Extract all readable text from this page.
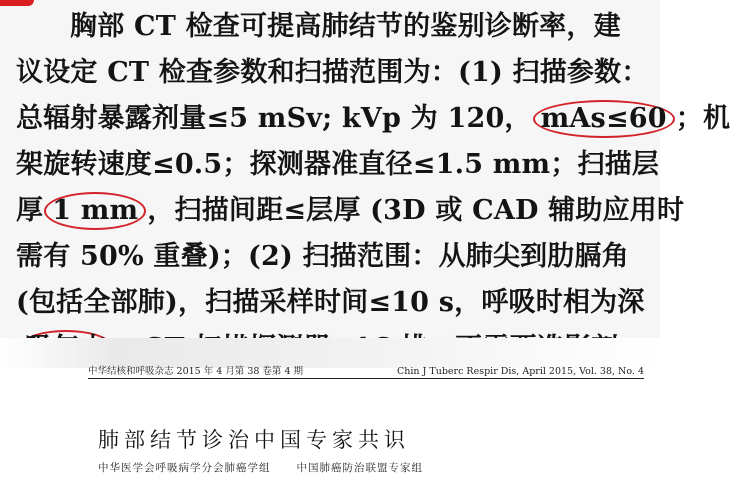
胸部 CT 检查可提高肺结节的鉴别诊断率，建
议设定 CT 检查参数和扫描范围为：(1) 扫描参数：
总辐射暴露剂量≤5 mSv; kVp 为 120， mAs≤60 ；机
架旋转速度≤0.5；探测器准直径≤1.5 mm；扫描层
厚 1 mm ，扫描间距≤层厚 (3D 或 CAD 辅助应用时
需有 50% 重叠)；(2) 扫描范围：从肺尖到肋膈角
(包括全部肺)，扫描采样时间≤10 s，呼吸时相为深
中华结核和呼吸杂志 2015 年 4 月第 38 卷第 4 期	Chin J Tuberc Respir Dis, April 2015, Vol. 38, No. 4
肺部结节诊治中国专家共识
中华医学会呼吸病学分会肺癌学组 中国肺癌防治联盟专家组
